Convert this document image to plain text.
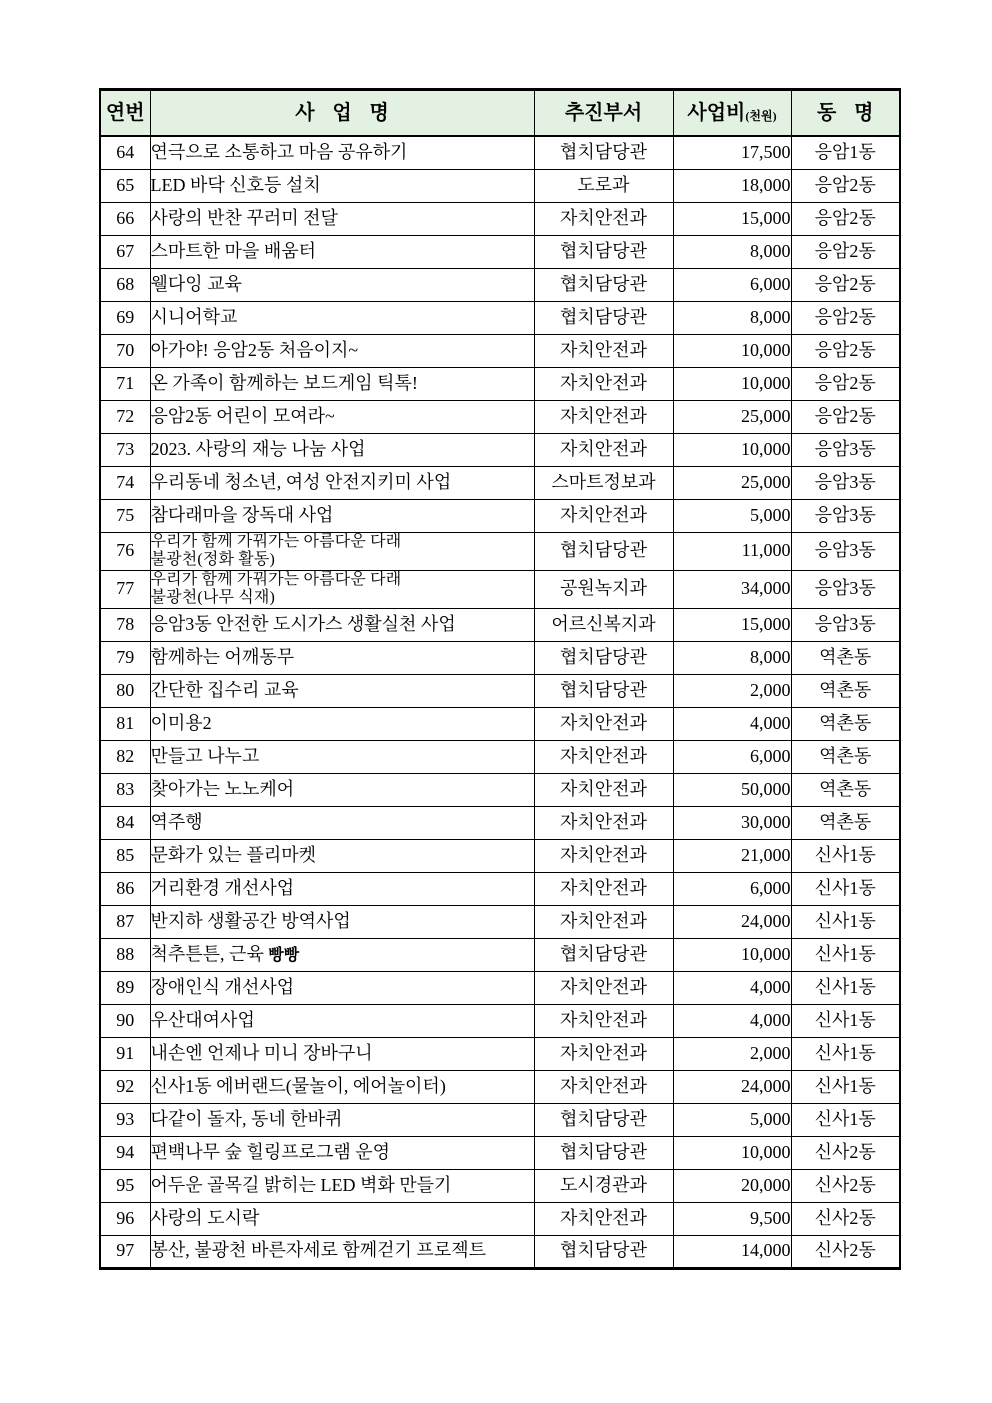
연번	사 업 명	추진부서	사업비(천원)	동 명
64	연극으로 소통하고 마음 공유하기	협치담당관	17,500	응암1동
65	LED 바닥 신호등 설치	도로과	18,000	응암2동
66	사랑의 반찬 꾸러미 전달	자치안전과	15,000	응암2동
67	스마트한 마을 배움터	협치담당관	8,000	응암2동
68	웰다잉 교육	협치담당관	6,000	응암2동
69	시니어학교	협치담당관	8,000	응암2동
70	아가야! 응암2동 처음이지~	자치안전과	10,000	응암2동
71	온 가족이 함께하는 보드게임 틱톡!	자치안전과	10,000	응암2동
72	응암2동 어린이 모여라~	자치안전과	25,000	응암2동
73	2023. 사랑의 재능 나눔 사업	자치안전과	10,000	응암3동
74	우리동네 청소년, 여성 안전지키미 사업	스마트정보과	25,000	응암3동
75	참다래마을 장독대 사업	자치안전과	5,000	응암3동
76	우리가 함께 가꿔가는 아름다운 다래
불광천(정화 활동)	협치담당관	11,000	응암3동
77	우리가 함께 가꿔가는 아름다운 다래
불광천(나무 식재)	공원녹지과	34,000	응암3동
78	응암3동 안전한 도시가스 생활실천 사업	어르신복지과	15,000	응암3동
79	함께하는 어깨동무	협치담당관	8,000	역촌동
80	간단한 집수리 교육	협치담당관	2,000	역촌동
81	이미용2	자치안전과	4,000	역촌동
82	만들고 나누고	자치안전과	6,000	역촌동
83	찾아가는 노노케어	자치안전과	50,000	역촌동
84	역주행	자치안전과	30,000	역촌동
85	문화가 있는 플리마켓	자치안전과	21,000	신사1동
86	거리환경 개선사업	자치안전과	6,000	신사1동
87	반지하 생활공간 방역사업	자치안전과	24,000	신사1동
88	척추튼튼, 근육 빵빵	협치담당관	10,000	신사1동
89	장애인식 개선사업	자치안전과	4,000	신사1동
90	우산대여사업	자치안전과	4,000	신사1동
91	내손엔 언제나 미니 장바구니	자치안전과	2,000	신사1동
92	신사1동 에버랜드(물놀이, 에어놀이터)	자치안전과	24,000	신사1동
93	다같이 돌자, 동네 한바퀴	협치담당관	5,000	신사1동
94	편백나무 숲 힐링프로그램 운영	협치담당관	10,000	신사2동
95	어두운 골목길 밝히는 LED 벽화 만들기	도시경관과	20,000	신사2동
96	사랑의 도시락	자치안전과	9,500	신사2동
97	봉산, 불광천 바른자세로 함께걷기 프로젝트	협치담당관	14,000	신사2동
